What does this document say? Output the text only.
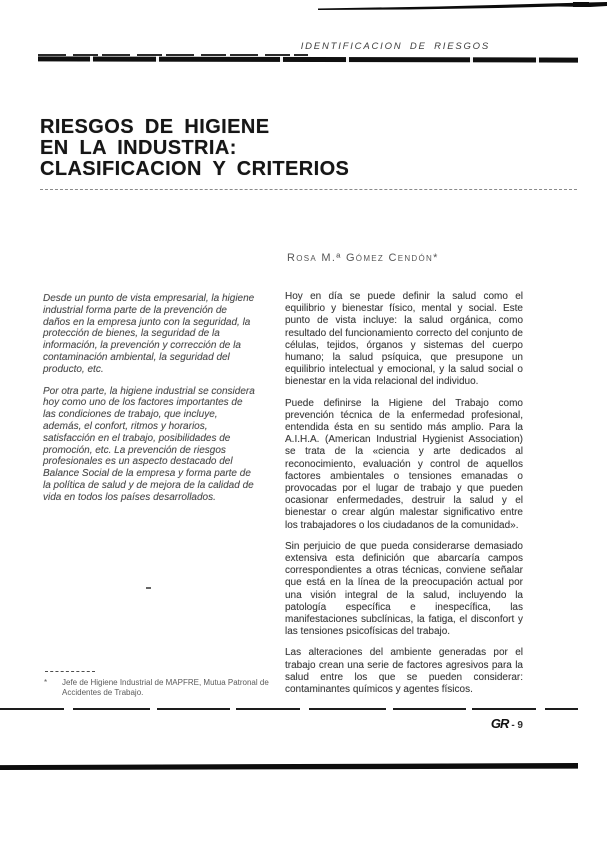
IDENTIFICACION DE RIESGOS
RIESGOS DE HIGIENE
EN LA INDUSTRIA:
CLASIFICACION Y CRITERIOS
Rosa M.ª Gómez Cendón*

Desde un punto de vista empresarial, la higiene industrial forma parte de la prevención de daños en la empresa junto con la seguridad, la protección de bienes, la seguridad de la información, la prevención y corrección de la contaminación ambiental, la seguridad del producto, etc.

Por otra parte, la higiene industrial se considera hoy como uno de los factores importantes de las condiciones de trabajo, que incluye, además, el confort, ritmos y horarios, satisfacción en el trabajo, posibilidades de promoción, etc. La prevención de riesgos profesionales es un aspecto destacado del Balance Social de la empresa y forma parte de la política de salud y de mejora de la calidad de vida en todos los países desarrollados.

Hoy en día se puede definir la salud como el equilibrio y bienestar físico, mental y social. Este punto de vista incluye: la salud orgánica, como resultado del funcionamiento correcto del conjunto de células, tejidos, órganos y sistemas del cuerpo humano; la salud psíquica, que presupone un equilibrio intelectual y emocional, y la salud social o bienestar en la vida relacional del individuo.

Puede definirse la Higiene del Trabajo como prevención técnica de la enfermedad profesional, entendida ésta en su sentido más amplio. Para la A.I.H.A. (American Industrial Hygienist Association) se trata de la «ciencia y arte dedicados al reconocimiento, evaluación y control de aquellos factores ambientales o tensiones emanadas o provocadas por el lugar de trabajo y que pueden ocasionar enfermedades, destruir la salud y el bienestar o crear algún malestar significativo entre los trabajadores o los ciudadanos de la comunidad».

Sin perjuicio de que pueda considerarse demasiado extensiva esta definición que abarcaría campos correspondientes a otras técnicas, conviene señalar que está en la línea de la preocupación actual por una visión integral de la salud, incluyendo la patología específica e inespecífica, las manifestaciones subclínicas, la fatiga, el disconfort y las tensiones psicofísicas del trabajo.

Las alteraciones del ambiente generadas por el trabajo crean una serie de factores agresivos para la salud entre los que se pueden considerar: contaminantes químicos y agentes físicos.

* Jefe de Higiene Industrial de MAPFRE, Mutua Patronal de Accidentes de Trabajo.
GR - 9
